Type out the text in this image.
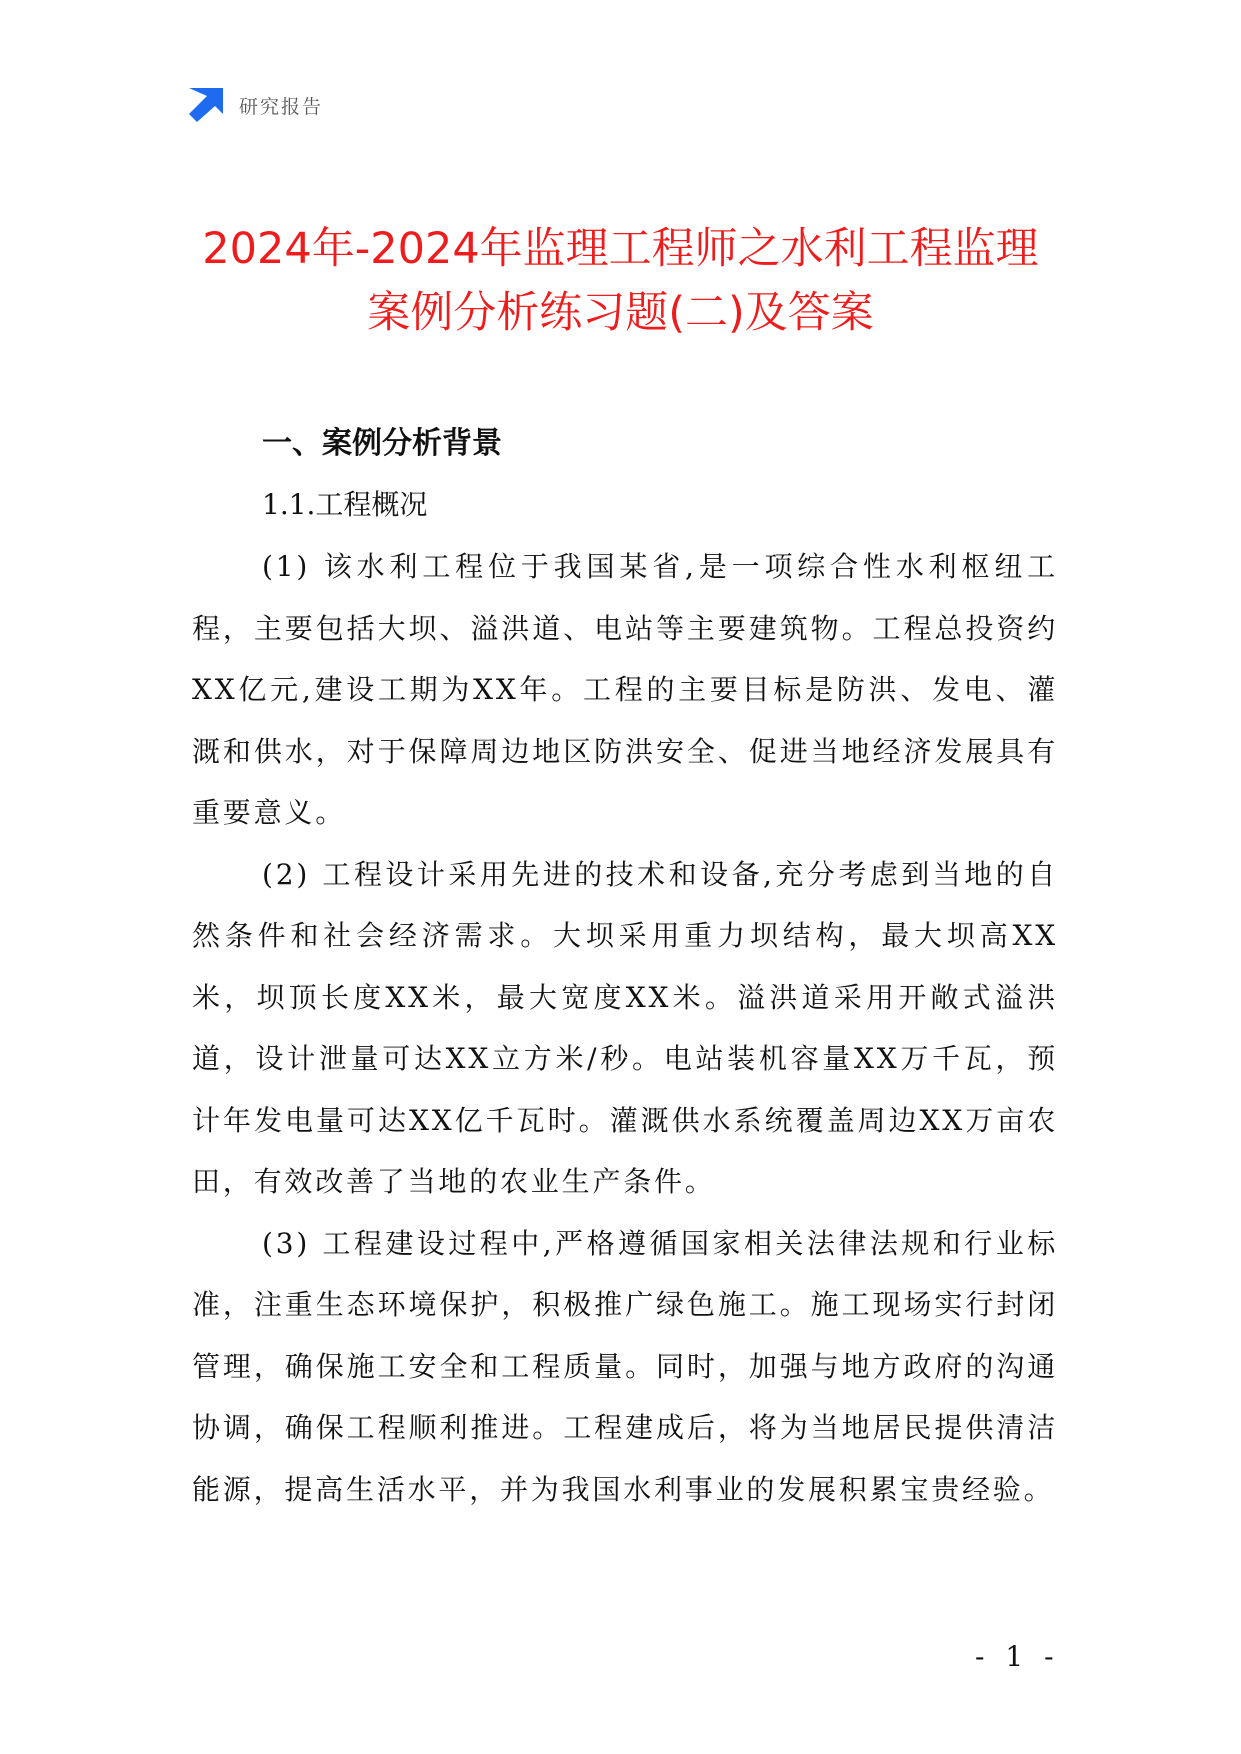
研究报告
2024年-2024年监理工程师之水利工程监理
案例分析练习题(二)及答案
一、案例分析背景
1.1.工程概况

(1) 该水利工程位于我国某省,是一项综合性水利枢纽工程，主要包括大坝、溢洪道、电站等主要建筑物。工程总投资约XX亿元,建设工期为XX年。工程的主要目标是防洪、发电、灌溉和供水，对于保障周边地区防洪安全、促进当地经济发展具有重要意义。

(2) 工程设计采用先进的技术和设备,充分考虑到当地的自然条件和社会经济需求。大坝采用重力坝结构，最大坝高XX米，坝顶长度XX米，最大宽度XX米。溢洪道采用开敞式溢洪道，设计泄量可达XX立方米/秒。电站装机容量XX万千瓦，预计年发电量可达XX亿千瓦时。灌溉供水系统覆盖周边XX万亩农田，有效改善了当地的农业生产条件。

(3) 工程建设过程中,严格遵循国家相关法律法规和行业标准，注重生态环境保护，积极推广绿色施工。施工现场实行封闭管理，确保施工安全和工程质量。同时，加强与地方政府的沟通协调，确保工程顺利推进。工程建成后，将为当地居民提供清洁能源，提高生活水平，并为我国水利事业的发展积累宝贵经验。

- 1 -
